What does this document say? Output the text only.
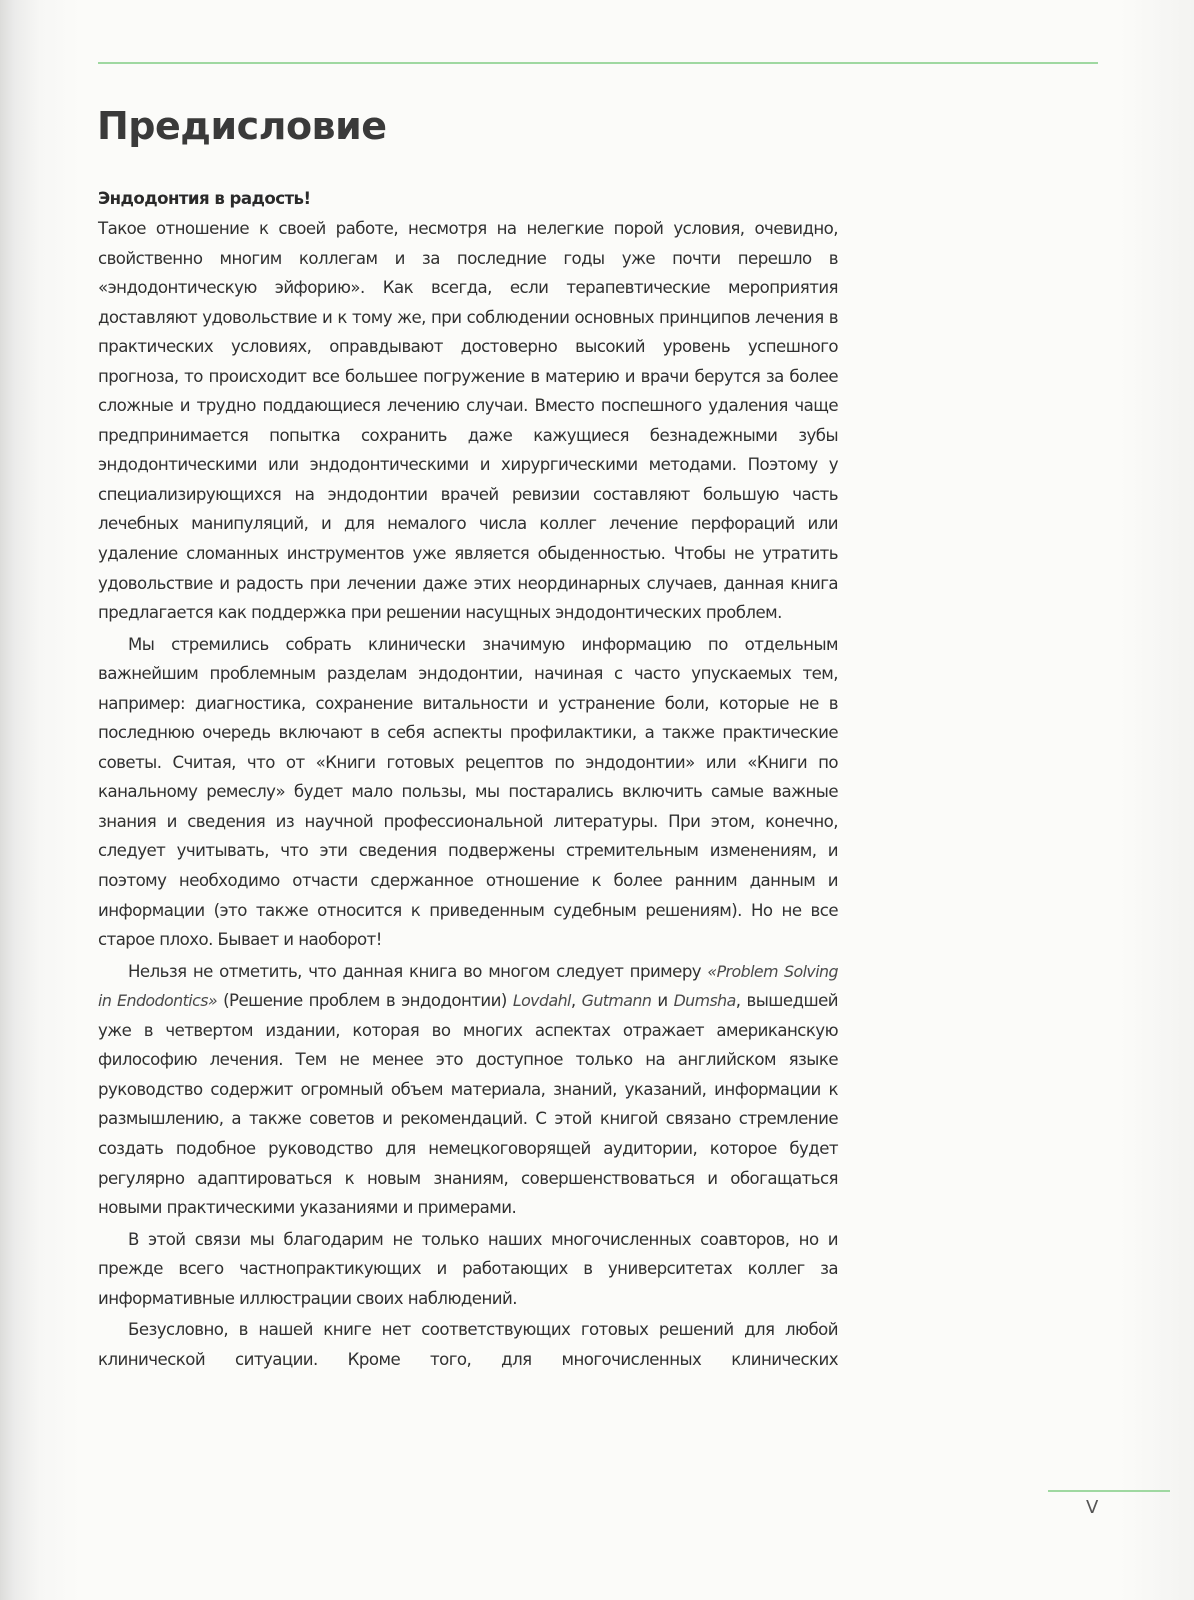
Предисловие
Эндодонтия в радость!

Такое отношение к своей работе, несмотря на нелегкие порой условия, очевидно, свойственно многим коллегам и за последние годы уже почти перешло в «эндодонтическую эйфорию». Как всегда, если терапевтические мероприятия доставляют удовольствие и к тому же, при соблюдении основных принципов лечения в практических условиях, оправдывают достоверно высокий уровень успешного прогноза, то происходит все большее погружение в материю и врачи берутся за более сложные и трудно поддающиеся лечению случаи. Вместо поспешного удаления чаще предпринимается попытка сохранить даже кажущиеся безнадежными зубы эндодонтическими или эндодонтическими и хирургическими методами. Поэтому у специализирующихся на эндодонтии врачей ревизии составляют большую часть лечебных манипуляций, и для немалого числа коллег лечение перфораций или удаление сломанных инструментов уже является обыденностью. Чтобы не утратить удовольствие и радость при лечении даже этих неординарных случаев, данная книга предлагается как поддержка при решении насущных эндодонтических проблем.

Мы стремились собрать клинически значимую информацию по отдельным важнейшим проблемным разделам эндодонтии, начиная с часто упускаемых тем, например: диагностика, сохранение витальности и устранение боли, которые не в последнюю очередь включают в себя аспекты профилактики, а также практические советы. Считая, что от «Книги готовых рецептов по эндодонтии» или «Книги по канальному ремеслу» будет мало пользы, мы постарались включить самые важные знания и сведения из научной профессиональной литературы. При этом, конечно, следует учитывать, что эти сведения подвержены стремительным изменениям, и поэтому необходимо отчасти сдержанное отношение к более ранним данным и информации (это также относится к приведенным судебным решениям). Но не все старое плохо. Бывает и наоборот!

Нельзя не отметить, что данная книга во многом следует примеру «Problem Solving in Endodontics» (Решение проблем в эндодонтии) Lovdahl, Gutmann и Dumsha, вышедшей уже в четвертом издании, которая во многих аспектах отражает американскую философию лечения. Тем не менее это доступное только на английском языке руководство содержит огромный объем материала, знаний, указаний, информации к размышлению, а также советов и рекомендаций. С этой книгой связано стремление создать подобное руководство для немецкоговорящей аудитории, которое будет регулярно адаптироваться к новым знаниям, совершенствоваться и обогащаться новыми практическими указаниями и примерами.

В этой связи мы благодарим не только наших многочисленных соавторов, но и прежде всего частнопрактикующих и работающих в университетах коллег за информативные иллюстрации своих наблюдений.

Безусловно, в нашей книге нет соответствующих готовых решений для любой клинической ситуации. Кроме того, для многочисленных клинических

V
